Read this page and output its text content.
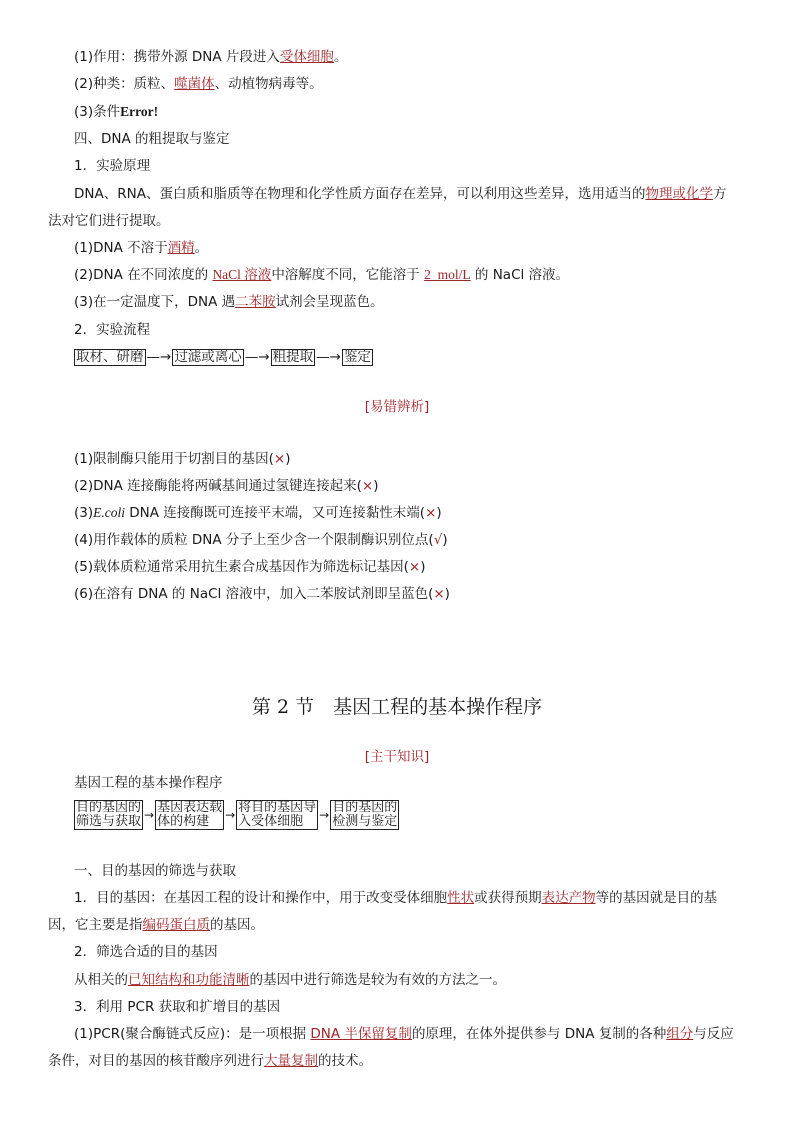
(1)作用：携带外源 DNA 片段进入受体细胞。
(2)种类：质粒、噬菌体、动植物病毒等。
(3)条件Error!
四、DNA 的粗提取与鉴定
1．实验原理
DNA、RNA、蛋白质和脂质等在物理和化学性质方面存在差异，可以利用这些差异，选用适当的物理或化学方
法对它们进行提取。
(1)DNA 不溶于酒精。
(2)DNA 在不同浓度的 NaCl 溶液中溶解度不同，它能溶于 2_mol/L 的 NaCl 溶液。
(3)在一定温度下，DNA 遇二苯胺试剂会呈现蓝色。
2．实验流程
取材、研磨 —→ 过滤或离心 —→ 粗提取 —→ 鉴定
[易错辨析]
(1)限制酶只能用于切割目的基因(×)
(2)DNA 连接酶能将两碱基间通过氢键连接起来(×)
(3)E.coli DNA 连接酶既可连接平末端，又可连接黏性末端(×)
(4)用作载体的质粒 DNA 分子上至少含一个限制酶识别位点(√)
(5)载体质粒通常采用抗生素合成基因作为筛选标记基因(×)
(6)在溶有 DNA 的 NaCl 溶液中，加入二苯胺试剂即呈蓝色(×)
第 2 节　基因工程的基本操作程序
[主干知识]
基因工程的基本操作程序
目的基因的
筛选与获取 → 基因表达载
体的构建	→ 将目的基因导
入受体细胞	→ 目的基因的
检测与鉴定
一、目的基因的筛选与获取
1．目的基因：在基因工程的设计和操作中，用于改变受体细胞性状或获得预期表达产物等的基因就是目的基
因，它主要是指编码蛋白质的基因。
2．筛选合适的目的基因
从相关的已知结构和功能清晰的基因中进行筛选是较为有效的方法之一。
3．利用 PCR 获取和扩增目的基因
(1)PCR(聚合酶链式反应)：是一项根据 DNA 半保留复制的原理，在体外提供参与 DNA 复制的各种组分与反应
条件，对目的基因的核苷酸序列进行大量复制的技术。
